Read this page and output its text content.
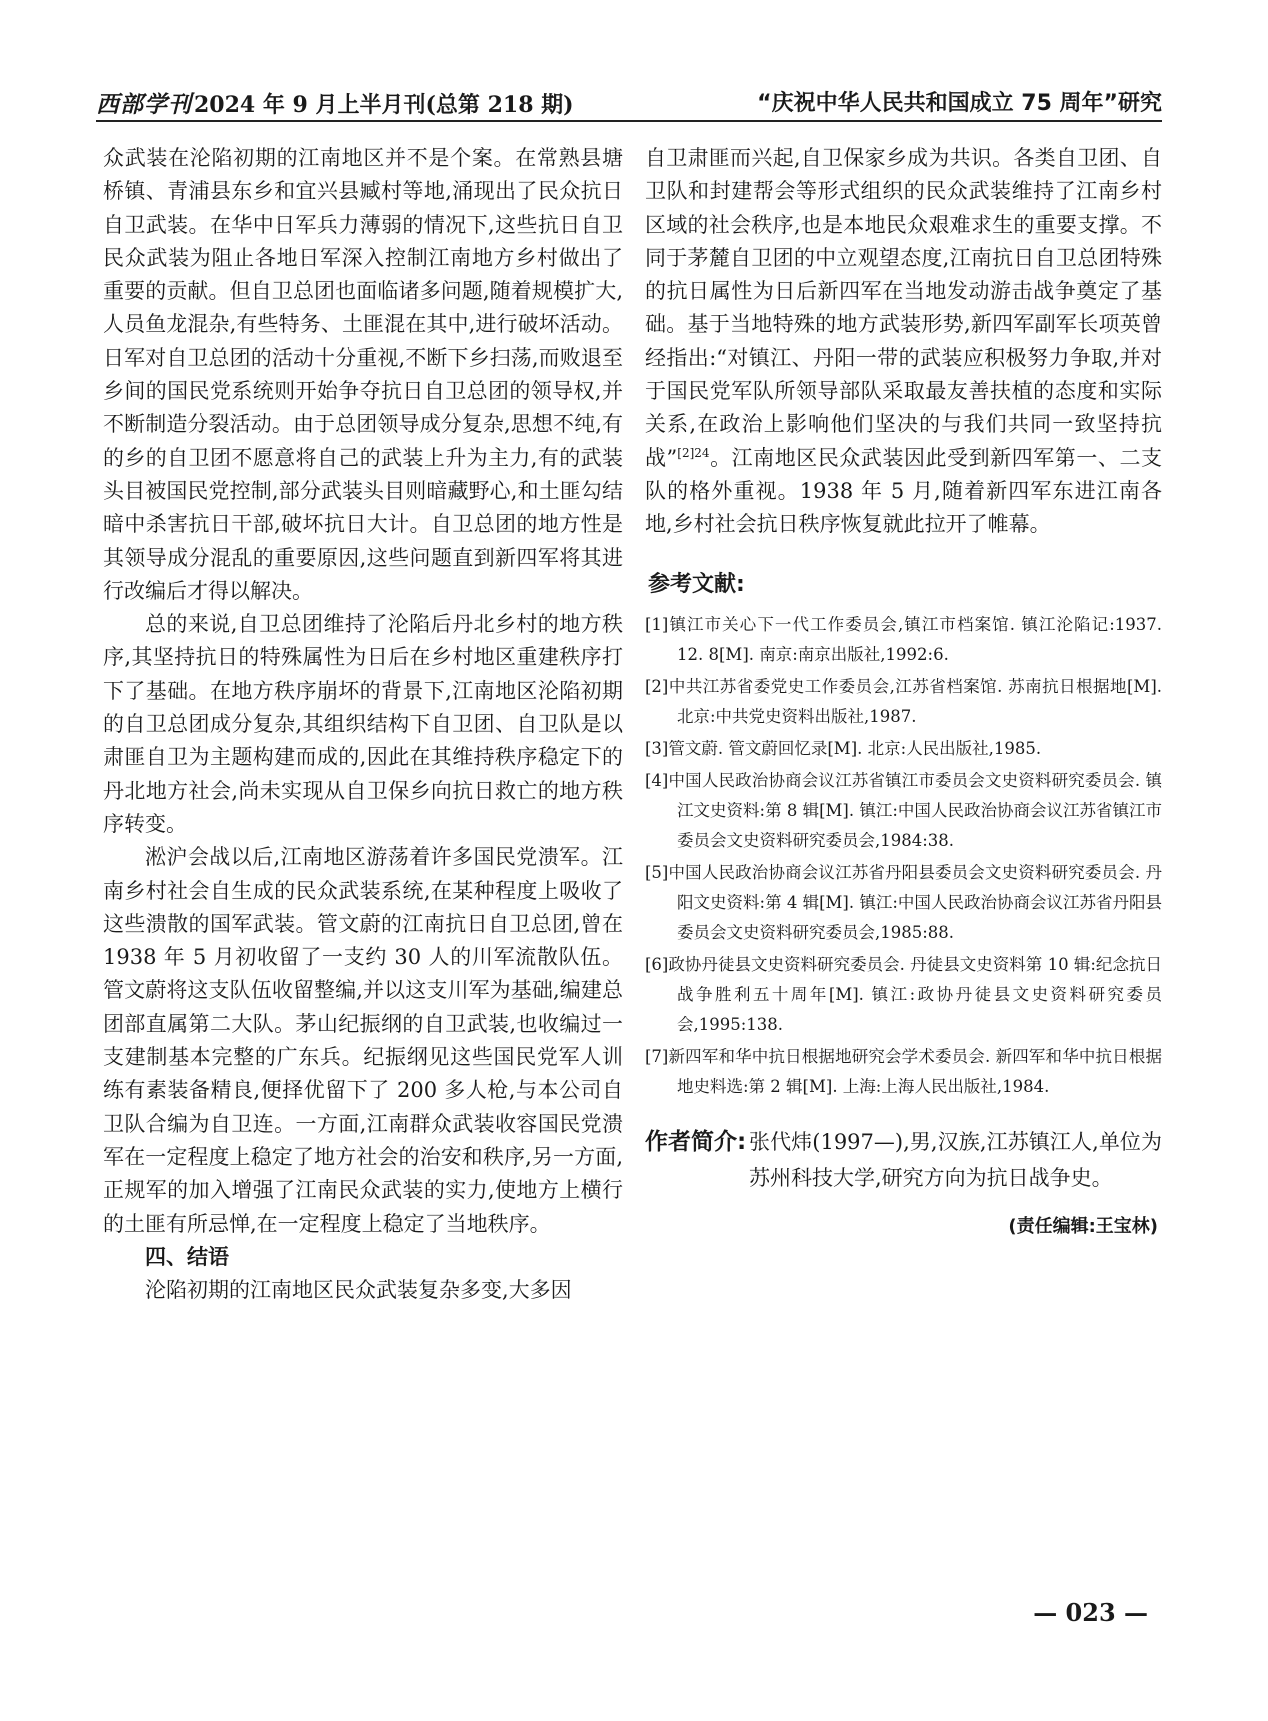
西部学刊2024 年 9 月上半月刊(总第 218 期)	“庆祝中华人民共和国成立 75 周年”研究

众武装在沦陷初期的江南地区并不是个案。在常熟县塘桥镇、青浦县东乡和宜兴县臧村等地,涌现出了民众抗日自卫武装。在华中日军兵力薄弱的情况下,这些抗日自卫民众武装为阻止各地日军深入控制江南地方乡村做出了重要的贡献。但自卫总团也面临诸多问题,随着规模扩大,人员鱼龙混杂,有些特务、土匪混在其中,进行破坏活动。日军对自卫总团的活动十分重视,不断下乡扫荡,而败退至乡间的国民党系统则开始争夺抗日自卫总团的领导权,并不断制造分裂活动。由于总团领导成分复杂,思想不纯,有的乡的自卫团不愿意将自己的武装上升为主力,有的武装头目被国民党控制,部分武装头目则暗藏野心,和土匪勾结暗中杀害抗日干部,破坏抗日大计。自卫总团的地方性是其领导成分混乱的重要原因,这些问题直到新四军将其进行改编后才得以解决。

总的来说,自卫总团维持了沦陷后丹北乡村的地方秩序,其坚持抗日的特殊属性为日后在乡村地区重建秩序打下了基础。在地方秩序崩坏的背景下,江南地区沦陷初期的自卫总团成分复杂,其组织结构下自卫团、自卫队是以肃匪自卫为主题构建而成的,因此在其维持秩序稳定下的丹北地方社会,尚未实现从自卫保乡向抗日救亡的地方秩序转变。

淞沪会战以后,江南地区游荡着许多国民党溃军。江南乡村社会自生成的民众武装系统,在某种程度上吸收了这些溃散的国军武装。管文蔚的江南抗日自卫总团,曾在 1938 年 5 月初收留了一支约 30 人的川军流散队伍。管文蔚将这支队伍收留整编,并以这支川军为基础,编建总团部直属第二大队。茅山纪振纲的自卫武装,也收编过一支建制基本完整的广东兵。纪振纲见这些国民党军人训练有素装备精良,便择优留下了 200 多人枪,与本公司自卫队合编为自卫连。一方面,江南群众武装收容国民党溃军在一定程度上稳定了地方社会的治安和秩序,另一方面,正规军的加入增强了江南民众武装的实力,使地方上横行的土匪有所忌惮,在一定程度上稳定了当地秩序。

四、结语

沦陷初期的江南地区民众武装复杂多变,大多因

自卫肃匪而兴起,自卫保家乡成为共识。各类自卫团、自卫队和封建帮会等形式组织的民众武装维持了江南乡村区域的社会秩序,也是本地民众艰难求生的重要支撑。不同于茅麓自卫团的中立观望态度,江南抗日自卫总团特殊的抗日属性为日后新四军在当地发动游击战争奠定了基础。基于当地特殊的地方武装形势,新四军副军长项英曾经指出:“对镇江、丹阳一带的武装应积极努力争取,并对于国民党军队所领导部队采取最友善扶植的态度和实际关系,在政治上影响他们坚决的与我们共同一致坚持抗战”$^{[2]24}$。江南地区民众武装因此受到新四军第一、二支队的格外重视。1938 年 5 月,随着新四军东进江南各地,乡村社会抗日秩序恢复就此拉开了帷幕。

参考文献:
[1]镇江市关心下一代工作委员会,镇江市档案馆. 镇江沦陷记:1937. 12. 8[M]. 南京:南京出版社,1992:6.
[2]中共江苏省委党史工作委员会,江苏省档案馆. 苏南抗日根据地[M]. 北京:中共党史资料出版社,1987.
[3]管文蔚. 管文蔚回忆录[M]. 北京:人民出版社,1985.
[4]中国人民政治协商会议江苏省镇江市委员会文史资料研究委员会. 镇江文史资料:第 8 辑[M]. 镇江:中国人民政治协商会议江苏省镇江市委员会文史资料研究委员会,1984:38.
[5]中国人民政治协商会议江苏省丹阳县委员会文史资料研究委员会. 丹阳文史资料:第 4 辑[M]. 镇江:中国人民政治协商会议江苏省丹阳县委员会文史资料研究委员会,1985:88.
[6]政协丹徒县文史资料研究委员会. 丹徒县文史资料第 10 辑:纪念抗日战争胜利五十周年[M]. 镇江:政协丹徒县文史资料研究委员会,1995:138.
[7]新四军和华中抗日根据地研究会学术委员会. 新四军和华中抗日根据地史料选:第 2 辑[M]. 上海:上海人民出版社,1984.
作者简介: 张代炜(1997—),男,汉族,江苏镇江人,单位为苏州科技大学,研究方向为抗日战争史。
(责任编辑:王宝林)
— 023 —
